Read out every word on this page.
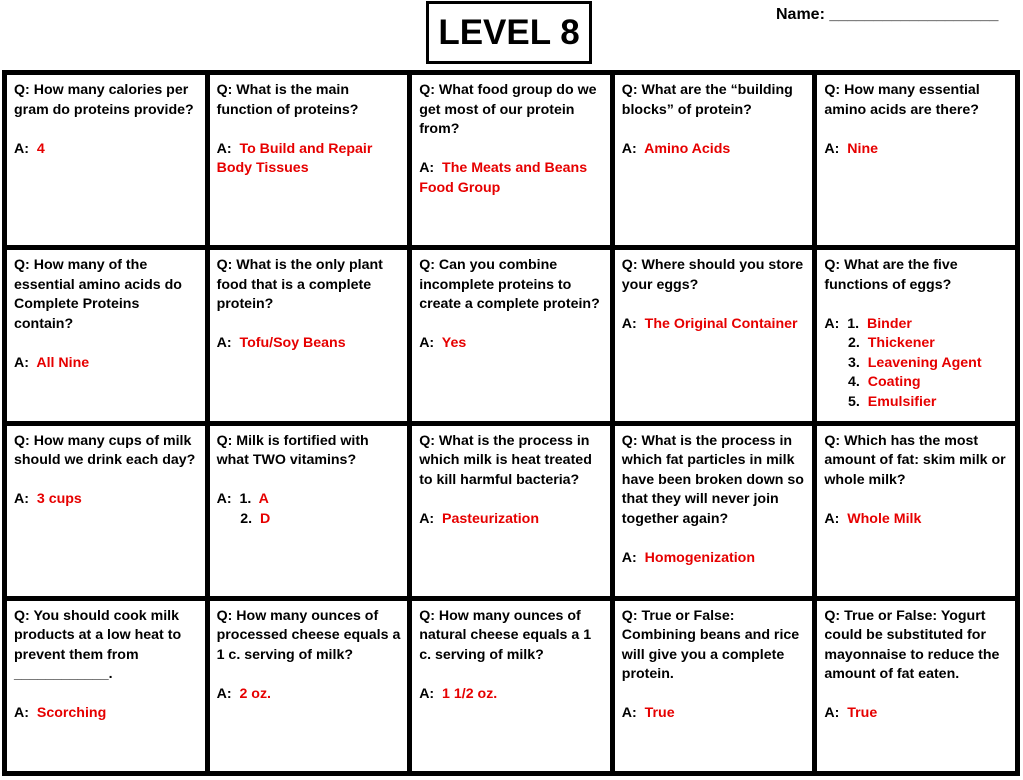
LEVEL 8	Name: ___________________

Q: How many calories per gram do proteins provide?

A:  4

Q: What is the main function of proteins?

A:  To Build and Repair Body Tissues

Q: What food group do we get most of our protein from?

A:  The Meats and Beans Food Group

Q: What are the “building blocks” of protein?

A:  Amino Acids

Q: How many essential amino acids are there?

A:  Nine

Q: How many of the essential amino acids do Complete Proteins contain?

A:  All Nine

Q: What is the only plant food that is a complete protein?

A:  Tofu/Soy Beans

Q: Can you combine incomplete proteins to create a complete protein?

A:  Yes

Q: Where should you store your eggs?

A:  The Original Container

Q: What are the five functions of eggs?

A:  1.  Binder
2.  Thickener
3.  Leavening Agent
4.  Coating
5.  Emulsifier

Q: How many cups of milk should we drink each day?

A:  3 cups

Q: Milk is fortified with what TWO vitamins?

A:  1.  A
2.  D

Q: What is the process in which milk is heat treated to kill harmful bacteria?

A:  Pasteurization

Q: What is the process in which fat particles in milk have been broken down so that they will never join together again?

A:  Homogenization

Q: Which has the most amount of fat: skim milk or whole milk?

A:  Whole Milk

Q: You should cook milk products at a low heat to prevent them from ____________.

A:  Scorching

Q: How many ounces of processed cheese equals a 1 c. serving of milk?

A:  2 oz.

Q: How many ounces of natural cheese equals a 1 c. serving of milk?

A:  1 1/2 oz.

Q: True or False: Combining beans and rice will give you a complete protein.

A:  True

Q: True or False: Yogurt could be substituted for mayonnaise to reduce the amount of fat eaten.

A:  True
